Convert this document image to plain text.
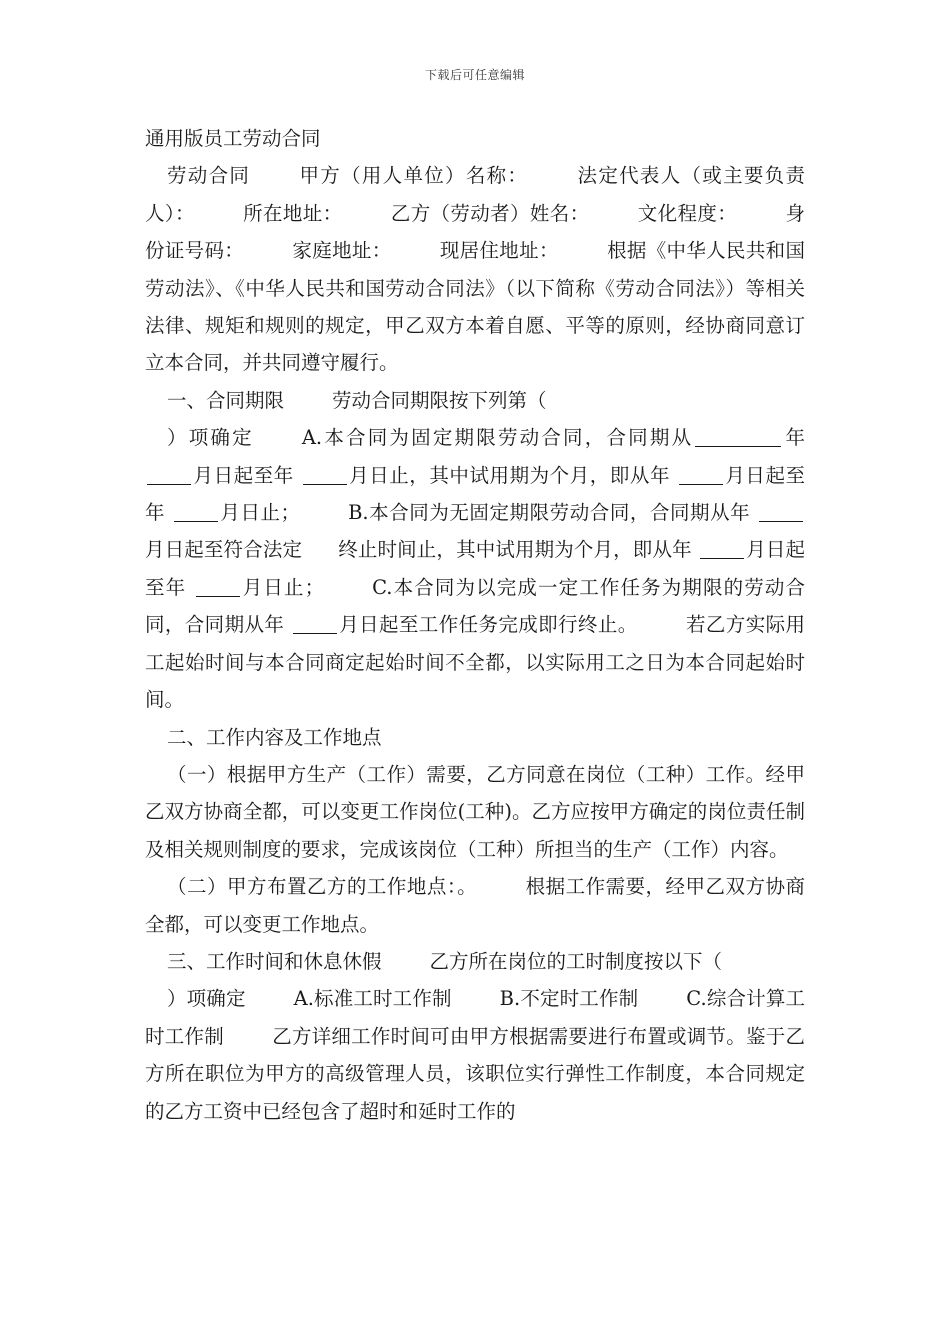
下载后可任意编辑

通用版员工劳动合同

劳动合同 甲方（用人单位）名称： 法定代表人（或主要负责人）： 所在地址： 乙方（劳动者）姓名： 文化程度： 身份证号码： 家庭地址： 现居住地址： 根据《中华人民共和国劳动法》、《中华人民共和国劳动合同法》（以下简称《劳动合同法》）等相关法律、规矩和规则的规定，甲乙双方本着自愿、平等的原则，经协商同意订立本合同，并共同遵守履行。

一、合同期限 劳动合同期限按下列第（

）项确定 A.本合同为固定期限劳动合同，合同期从	年 月日起至年	月日止，其中试用期为个月，即从年	月日起至年	月日止； B.本合同为无固定期限劳动合同，合同期从年 月日起至符合法定 终止时间止，其中试用期为个月，即从年	月日起至年	月日止； C.本合同为以完成一定工作任务为期限的劳动合同，合同期从年	月日起至工作任务完成即行终止。 若乙方实际用工起始时间与本合同商定起始时间不全都，以实际用工之日为本合同起始时间。

二、工作内容及工作地点

（一）根据甲方生产（工作）需要，乙方同意在岗位（工种）工作。经甲乙双方协商全都，可以变更工作岗位(工种)。乙方应按甲方确定的岗位责任制及相关规则制度的要求，完成该岗位（工种）所担当的生产（工作）内容。

（二）甲方布置乙方的工作地点：。 根据工作需要，经甲乙双方协商全都，可以变更工作地点。

三、工作时间和休息休假 乙方所在岗位的工时制度按以下（

）项确定 A.标准工时工作制 B.不定时工作制 C.综合计算工时工作制 乙方详细工作时间可由甲方根据需要进行布置或调节。鉴于乙方所在职位为甲方的高级管理人员，该职位实行弹性工作制度，本合同规定的乙方工资中已经包含了超时和延时工作的
